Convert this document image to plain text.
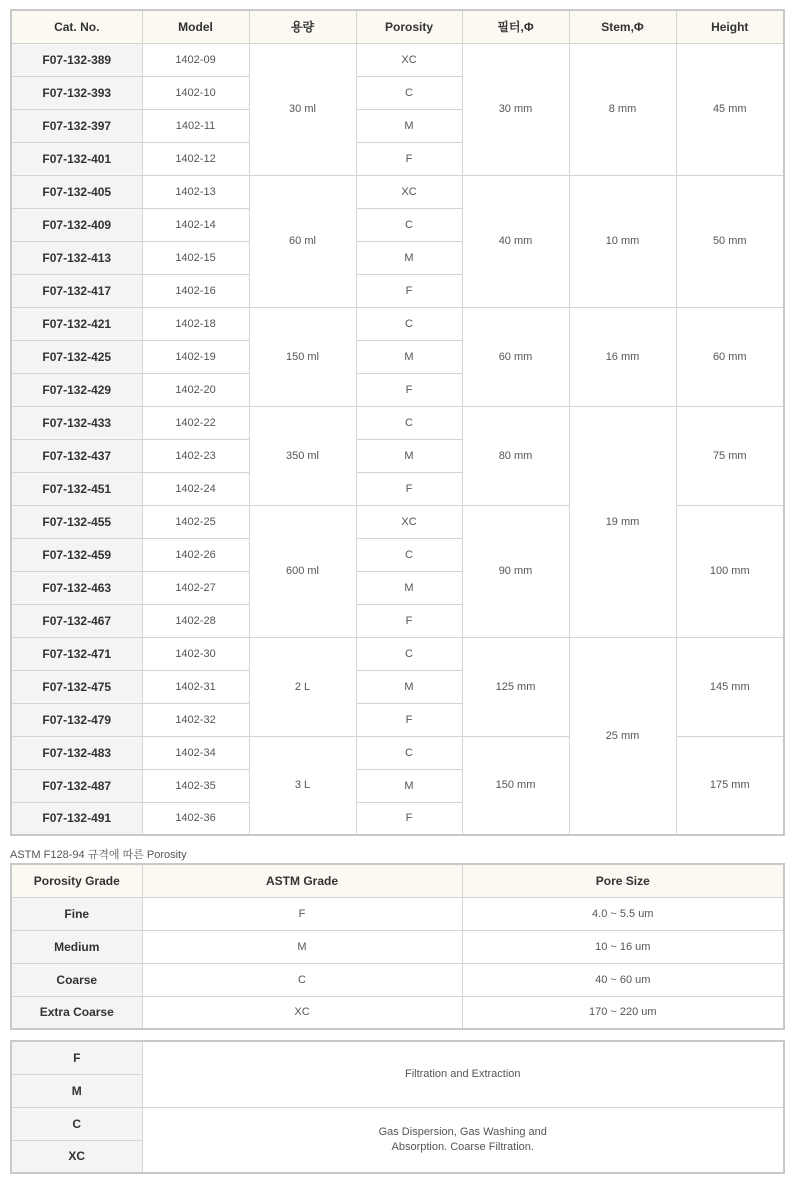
Cat. No.	Model	용량	Porosity	필터,Φ	Stem,Φ	Height
F07-132-389	1402-09	30 ml	XC	30 mm	8 mm	45 mm
F07-132-393	1402-10		C			
F07-132-397	1402-11		M			
F07-132-401	1402-12		F			
F07-132-405	1402-13	60 ml	XC	40 mm	10 mm	50 mm
F07-132-409	1402-14		C			
F07-132-413	1402-15		M			
F07-132-417	1402-16		F			
F07-132-421	1402-18	150 ml	C	60 mm	16 mm	60 mm
F07-132-425	1402-19		M			
F07-132-429	1402-20		F			
F07-132-433	1402-22	350 ml	C	80 mm	19 mm	75 mm
F07-132-437	1402-23		M			
F07-132-451	1402-24		F			
F07-132-455	1402-25	600 ml	XC	90 mm		100 mm
F07-132-459	1402-26		C			
F07-132-463	1402-27		M			
F07-132-467	1402-28		F			
F07-132-471	1402-30	2 L	C	125 mm	25 mm	145 mm
F07-132-475	1402-31		M			
F07-132-479	1402-32		F			
F07-132-483	1402-34	3 L	C	150 mm		175 mm
F07-132-487	1402-35		M			
F07-132-491	1402-36		F			

ASTM F128-94 규격에 따른 Porosity

Porosity Grade	ASTM Grade	Pore Size
Fine	F	4.0 ~ 5.5 um
Medium	M	10 ~ 16 um
Coarse	C	40 ~ 60 um
Extra Coarse	XC	170 ~ 220 um
F	Filtration and Extraction
M	
C	Gas Dispersion, Gas Washing and
Absorption. Coarse Filtration.
XC	
